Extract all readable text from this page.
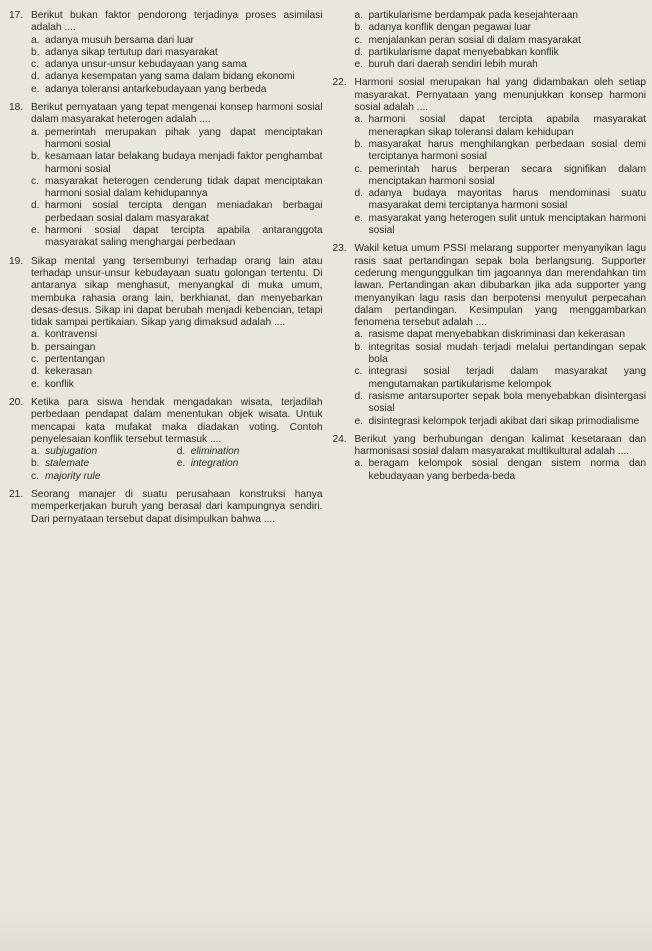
17. Berikut bukan faktor pendorong terjadinya proses asimilasi adalah ....
a. adanya musuh bersama dari luar
b. adanya sikap tertutup dari masyarakat
c. adanya unsur-unsur kebudayaan yang sama
d. adanya kesempatan yang sama dalam bidang ekonomi
e. adanya toleransi antarkebudayaan yang berbeda
18. Berikut pernyataan yang tepat mengenai konsep harmoni sosial dalam masyarakat heterogen adalah ....
a. pemerintah merupakan pihak yang dapat menciptakan harmoni sosial
b. kesamaan latar belakang budaya menjadi faktor penghambat harmoni sosial
c. masyarakat heterogen cenderung tidak dapat menciptakan harmoni sosial dalam kehidupannya
d. harmoni sosial tercipta dengan meniadakan berbagai perbedaan sosial dalam masyarakat
e. harmoni sosial dapat tercipta apabila antaranggota masyarakat saling menghargai perbedaan
19. Sikap mental yang tersembunyi terhadap orang lain atau terhadap unsur-unsur kebudayaan suatu golongan tertentu. Di antaranya sikap menghasut, menyangkal di muka umum, membuka rahasia orang lain, berkhianat, dan menyebarkan desas-desus. Sikap ini dapat berubah menjadi kebencian, tetapi tidak sampai pertikaian. Sikap yang dimaksud adalah ....
a. kontravensi
b. persaingan
c. pertentangan
d. kekerasan
e. konflik
20. Ketika para siswa hendak mengadakan wisata, terjadilah perbedaan pendapat dalam menentukan objek wisata. Untuk mencapai kata mufakat maka diadakan voting. Contoh penyelesaian konflik tersebut termasuk ....
a. subjugation	d. elimination
b. stalemate	e. integration
c. majority rule
21. Seorang manajer di suatu perusahaan konstruksi hanya memperkerjakan buruh yang berasal dari kampungnya sendiri. Dari pernyataan tersebut dapat disimpulkan bahwa ....
a. partikularisme berdampak pada kesejahteraan
b. adanya konflik dengan pegawai luar
c. menjalankan peran sosial di dalam masyarakat
d. partikularisme dapat menyebabkan konflik
e. buruh dari daerah sendiri lebih murah
22. Harmoni sosial merupakan hal yang didambakan oleh setiap masyarakat. Pernyataan yang menunjukkan konsep harmoni sosial adalah ....
a. harmoni sosial dapat tercipta apabila masyarakat menerapkan sikap toleransi dalam kehidupan
b. masyarakat harus menghilangkan perbedaan sosial demi terciptanya harmoni sosial
c. pemerintah harus berperan secara signifikan dalam menciptakan harmoni sosial
d. adanya budaya mayoritas harus mendominasi suatu masyarakat demi terciptanya harmoni sosial
e. masyarakat yang heterogen sulit untuk menciptakan harmoni sosial
23. Wakil ketua umum PSSI melarang supporter menyanyikan lagu rasis saat pertandingan sepak bola berlangsung. Supporter cederung mengunggulkan tim jagoannya dan merendahkan tim lawan. Pertandingan akan dibubarkan jika ada supporter yang menyanyikan lagu rasis dan berpotensi menyulut perpecahan dalam pertandingan. Kesimpulan yang menggambarkan fenomena tersebut adalah ....
a. rasisme dapat menyebabkan diskriminasi dan kekerasan
b. integritas sosial mudah terjadi melalui pertandingan sepak bola
c. integrasi sosial terjadi dalam masyarakat yang mengutamakan partikularisme kelompok
d. rasisme antarsuporter sepak bola menyebabkan disintergasi sosial
e. disintegrasi kelompok terjadi akibat dari sikap primodialisme
24. Berikut yang berhubungan dengan kalimat kesetaraan dan harmonisasi sosial dalam masyarakat multikultural adalah ....
a. beragam kelompok sosial dengan sistem norma dan kebudayaan yang berbeda-beda
